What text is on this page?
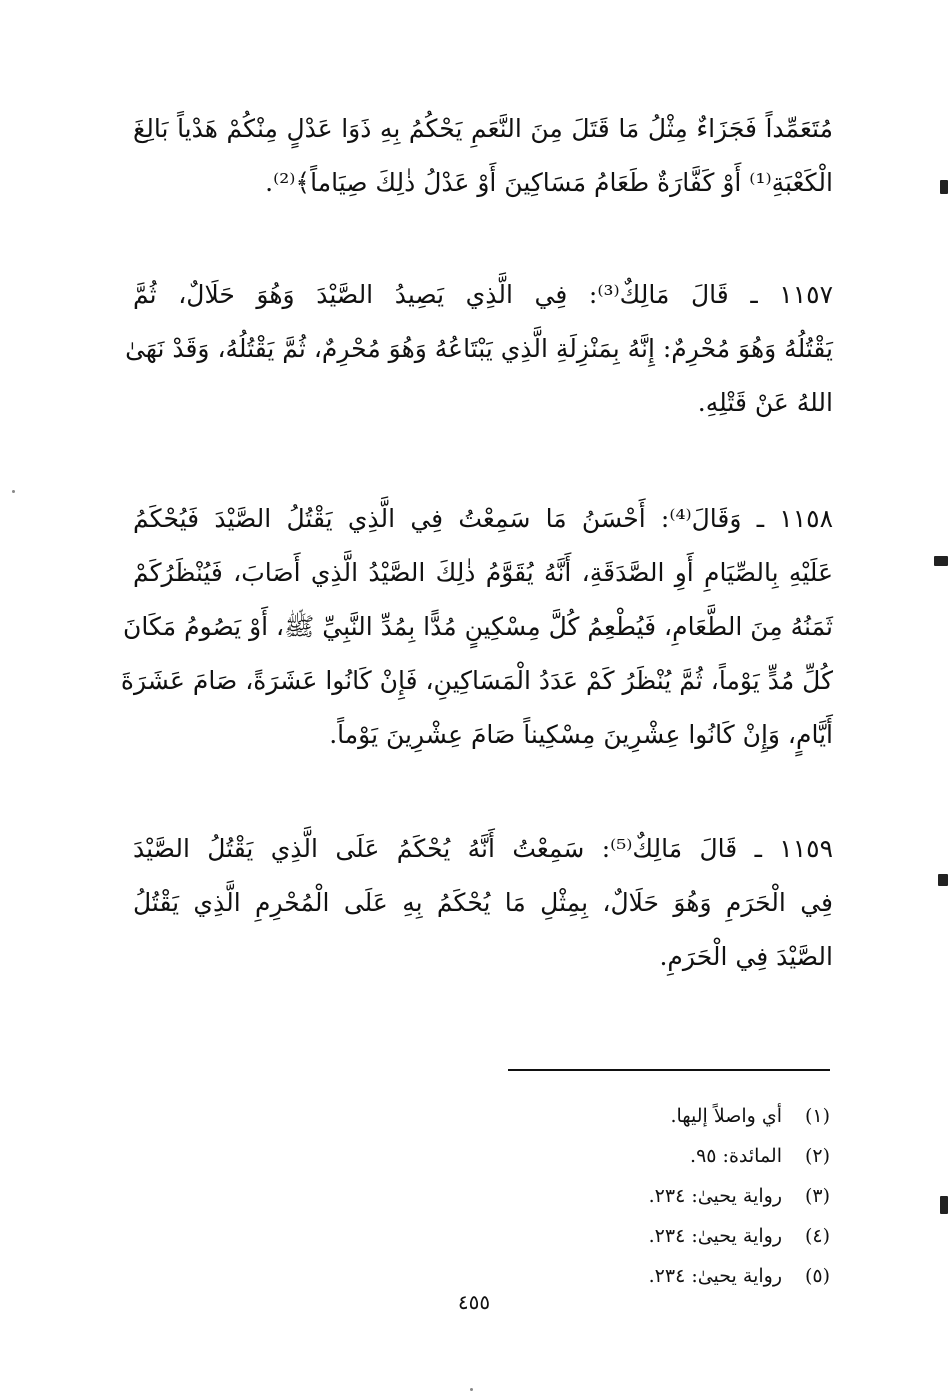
مُتَعَمِّداً فَجَزَاءٌ مِثْلُ مَا قَتَلَ مِنَ النَّعَمِ يَحْكُمُ بِهِ ذَوَا عَدْلٍ مِنْكُمْ هَدْياً بَالِغَ
الْكَعْبَةِ⁽¹⁾ أَوْ كَفَّارَةٌ طَعَامُ مَسَاكِينَ أَوْ عَدْلُ ذٰلِكَ صِيَاماً﴾⁽²⁾.
١١٥٧ ـ قَالَ مَالِكٌ⁽³⁾: فِي الَّذِي يَصِيدُ الصَّيْدَ وَهُوَ حَلَالٌ، ثُمَّ
يَقْتُلُهُ وَهُوَ مُحْرِمٌ: إِنَّهُ بِمَنْزِلَةِ الَّذِي يَبْتَاعُهُ وَهُوَ مُحْرِمٌ، ثُمَّ يَقْتُلُهُ، وَقَدْ نَهَىٰ
اللهُ عَنْ قَتْلِهِ.
١١٥٨ ـ وَقَالَ⁽⁴⁾: أَحْسَنُ مَا سَمِعْتُ فِي الَّذِي يَقْتُلُ الصَّيْدَ فَيُحْكَمُ
عَلَيْهِ بِالصِّيَامِ أَوِ الصَّدَقَةِ، أَنَّهُ يُقَوَّمُ ذٰلِكَ الصَّيْدُ الَّذِي أَصَابَ، فَيُنْظَرُكَمْ
ثَمَنُهُ مِنَ الطَّعَامِ، فَيُطْعِمُ كُلَّ مِسْكِينٍ مُدًّا بِمُدِّ النَّبِيِّ ﷺ، أَوْ يَصُومُ مَكَانَ
كُلِّ مُدٍّ يَوْماً، ثُمَّ يُنْظَرُ كَمْ عَدَدُ الْمَسَاكِينِ، فَإِنْ كَانُوا عَشَرَةً، صَامَ عَشَرَةَ
أَيَّامٍ، وَإِنْ كَانُوا عِشْرِينَ مِسْكِيناً صَامَ عِشْرِينَ يَوْماً.
١١٥٩ ـ قَالَ مَالِكٌ⁽⁵⁾: سَمِعْتُ أَنَّهُ يُحْكَمُ عَلَى الَّذِي يَقْتُلُ الصَّيْدَ
فِي الْحَرَمِ وَهُوَ حَلَالٌ، بِمِثْلِ مَا يُحْكَمُ بِهِ عَلَى الْمُحْرِمِ الَّذِي يَقْتُلُ
الصَّيْدَ فِي الْحَرَمِ.
(١)
أي واصلاً إليها.
(٢)
المائدة: ٩٥.
(٣)
رواية يحيىٰ: ٢٣٤.
(٤)
رواية يحيىٰ: ٢٣٤.
(٥)
رواية يحيىٰ: ٢٣٤.
٤٥٥
